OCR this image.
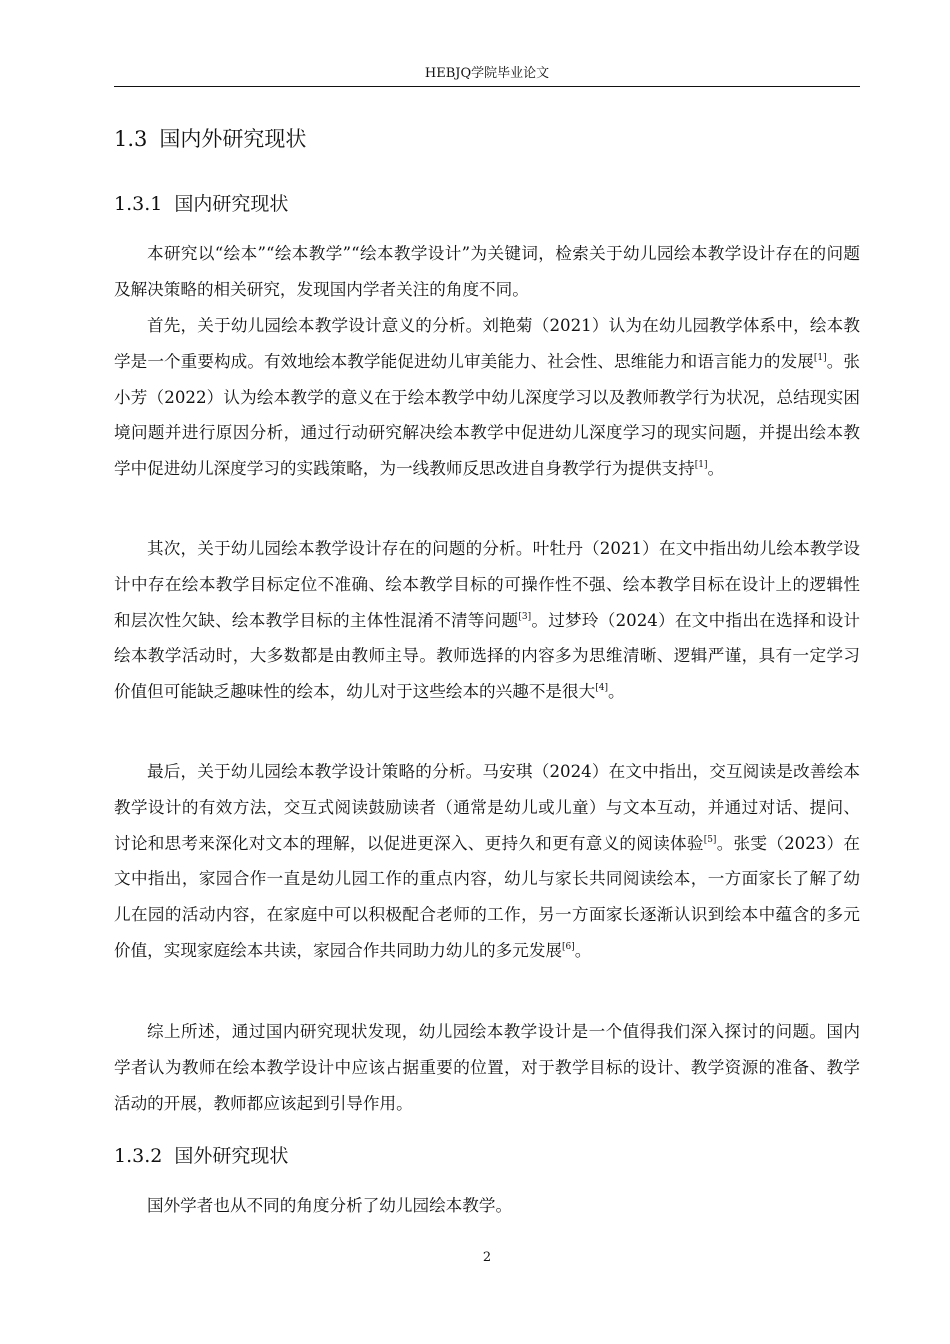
HEBJQ学院毕业论文
1.3 国内外研究现状
1.3.1 国内研究现状

本研究以“绘本”“绘本教学”“绘本教学设计”为关键词，检索关于幼儿园绘本教学设计存在的问题及解决策略的相关研究，发现国内学者关注的角度不同。

首先，关于幼儿园绘本教学设计意义的分析。刘艳菊（2021）认为在幼儿园教学体系中，绘本教学是一个重要构成。有效地绘本教学能促进幼儿审美能力、社会性、思维能力和语言能力的发展[1]。张小芳（2022）认为绘本教学的意义在于绘本教学中幼儿深度学习以及教师教学行为状况，总结现实困境问题并进行原因分析，通过行动研究解决绘本教学中促进幼儿深度学习的现实问题，并提出绘本教学中促进幼儿深度学习的实践策略，为一线教师反思改进自身教学行为提供支持[1]。

其次，关于幼儿园绘本教学设计存在的问题的分析。叶牡丹（2021）在文中指出幼儿绘本教学设计中存在绘本教学目标定位不准确、绘本教学目标的可操作性不强、绘本教学目标在设计上的逻辑性和层次性欠缺、绘本教学目标的主体性混淆不清等问题[3]。过梦玲（2024）在文中指出在选择和设计绘本教学活动时，大多数都是由教师主导。教师选择的内容多为思维清晰、逻辑严谨，具有一定学习价值但可能缺乏趣味性的绘本，幼儿对于这些绘本的兴趣不是很大[4]。

最后，关于幼儿园绘本教学设计策略的分析。马安琪（2024）在文中指出，交互阅读是改善绘本教学设计的有效方法，交互式阅读鼓励读者（通常是幼儿或儿童）与文本互动，并通过对话、提问、讨论和思考来深化对文本的理解，以促进更深入、更持久和更有意义的阅读体验[5]。张雯（2023）在文中指出，家园合作一直是幼儿园工作的重点内容，幼儿与家长共同阅读绘本，一方面家长了解了幼儿在园的活动内容，在家庭中可以积极配合老师的工作，另一方面家长逐渐认识到绘本中蕴含的多元价值，实现家庭绘本共读，家园合作共同助力幼儿的多元发展[6]。

综上所述，通过国内研究现状发现，幼儿园绘本教学设计是一个值得我们深入探讨的问题。国内学者认为教师在绘本教学设计中应该占据重要的位置，对于教学目标的设计、教学资源的准备、教学活动的开展，教师都应该起到引导作用。

1.3.2 国外研究现状

国外学者也从不同的角度分析了幼儿园绘本教学。

2
